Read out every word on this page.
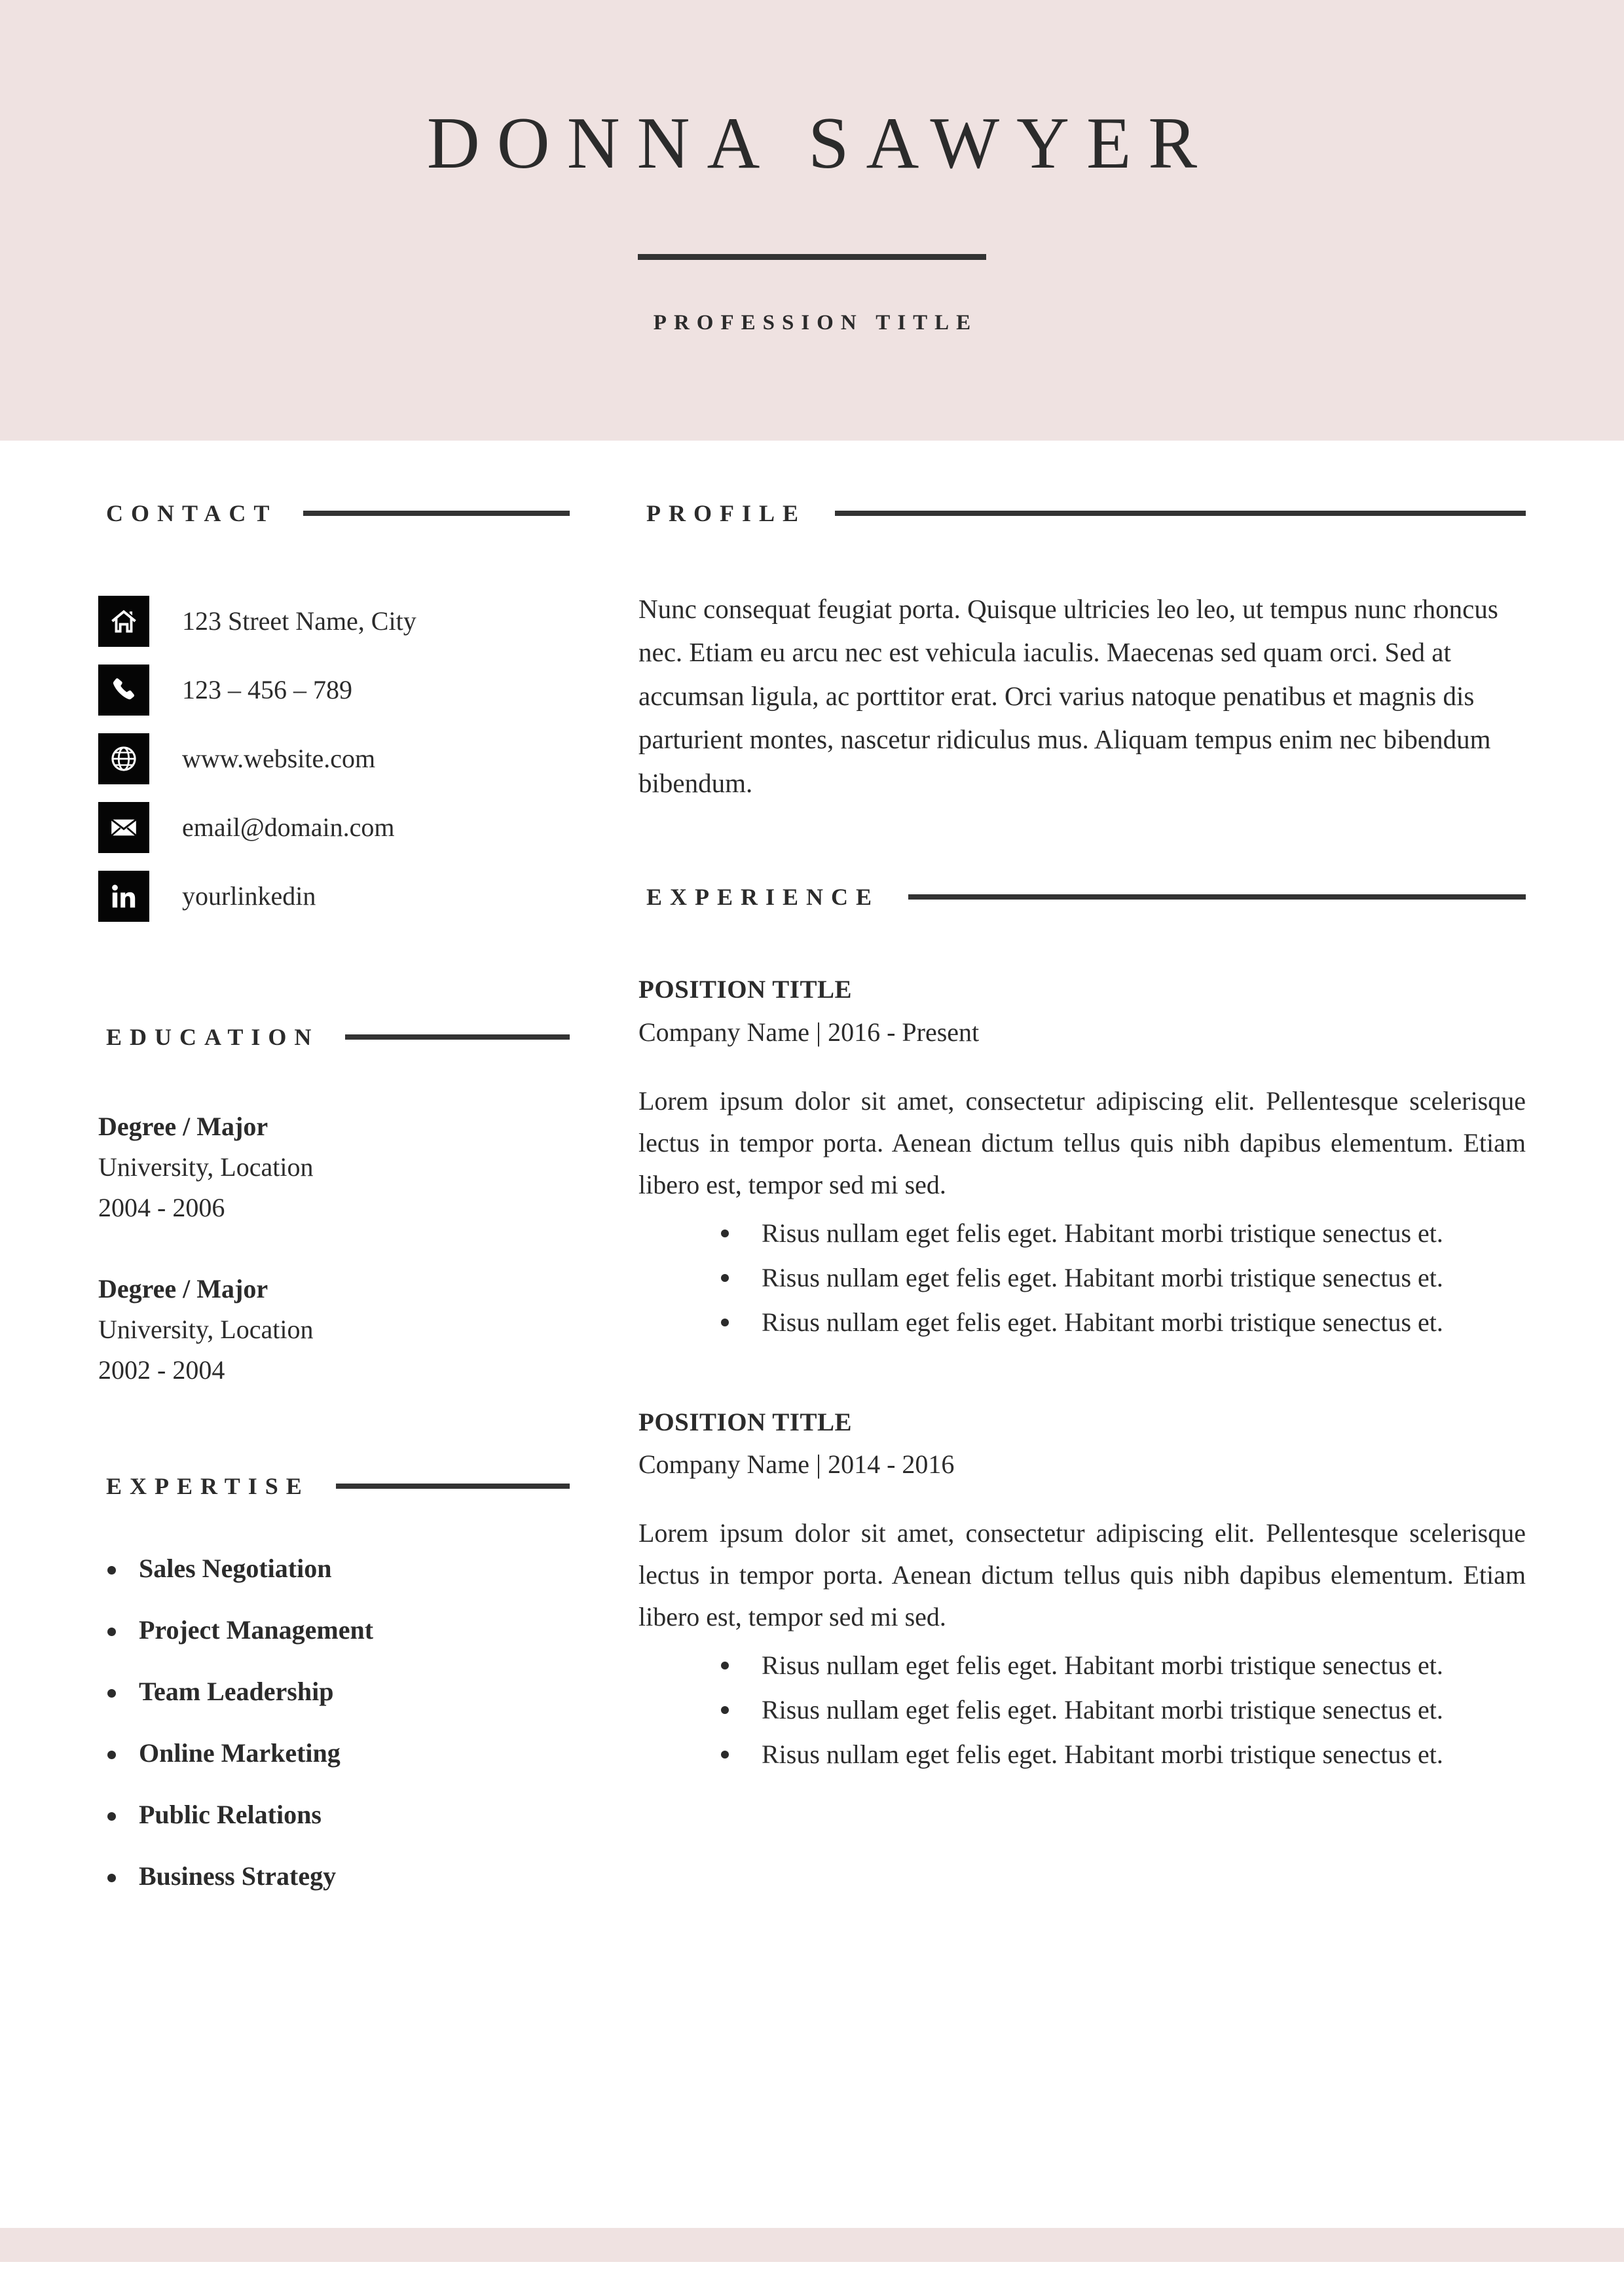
DONNA SAWYER
PROFESSION TITLE
CONTACT
123 Street Name, City
123 – 456 – 789
www.website.com
email@domain.com
yourlinkedin
EDUCATION
Degree / Major
University, Location
2004 - 2006
Degree / Major
University, Location
2002 - 2004
EXPERTISE
Sales Negotiation
Project Management
Team Leadership
Online Marketing
Public Relations
Business Strategy
PROFILE
Nunc consequat feugiat porta. Quisque ultricies leo leo, ut tempus nunc rhoncus nec. Etiam eu arcu nec est vehicula iaculis. Maecenas sed quam orci. Sed at accumsan ligula, ac porttitor erat. Orci varius natoque penatibus et magnis dis parturient montes, nascetur ridiculus mus. Aliquam tempus enim nec bibendum bibendum.
EXPERIENCE
POSITION TITLE
Company Name | 2016 - Present
Lorem ipsum dolor sit amet, consectetur adipiscing elit. Pellentesque scelerisque lectus in tempor porta. Aenean dictum tellus quis nibh dapibus elementum. Etiam libero est, tempor sed mi sed.
Risus nullam eget felis eget. Habitant morbi tristique senectus et.
Risus nullam eget felis eget. Habitant morbi tristique senectus et.
Risus nullam eget felis eget. Habitant morbi tristique senectus et.
POSITION TITLE
Company Name | 2014 - 2016
Lorem ipsum dolor sit amet, consectetur adipiscing elit. Pellentesque scelerisque lectus in tempor porta. Aenean dictum tellus quis nibh dapibus elementum. Etiam libero est, tempor sed mi sed.
Risus nullam eget felis eget. Habitant morbi tristique senectus et.
Risus nullam eget felis eget. Habitant morbi tristique senectus et.
Risus nullam eget felis eget. Habitant morbi tristique senectus et.
